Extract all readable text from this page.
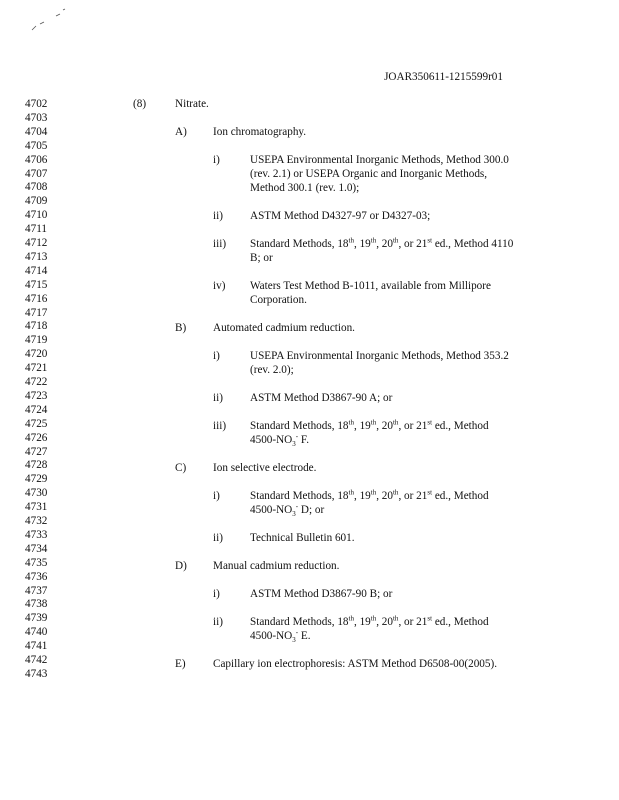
JOAR350611-1215599r01
4702
4703
4704
4705
4706
4707
4708
4709
4710
4711
4712
4713
4714
4715
4716
4717
4718
4719
4720
4721
4722
4723
4724
4725
4726
4727
4728
4729
4730
4731
4732
4733
4734
4735
4736
4737
4738
4739
4740
4741
4742
4743
(8)	Nitrate.
A) Ion chromatography.
i)	USEPA Environmental Inorganic Methods, Method 300.0
(rev. 2.1) or USEPA Organic and Inorganic Methods,
Method 300.1 (rev. 1.0);
ii) ASTM Method D4327-97 or D4327-03;
iii) Standard Methods, 18th, 19th, 20th, or 21st ed., Method 4110
B; or
iv) Waters Test Method B-1011, available from Millipore
Corporation.
B) Automated cadmium reduction.
i)	USEPA Environmental Inorganic Methods, Method 353.2
(rev. 2.0);
ii) ASTM Method D3867-90 A; or
iii) Standard Methods, 18th, 19th, 20th, or 21st ed., Method
$4500-NO_3^-$ F.
C) Ion selective electrode.
i)	Standard Methods, 18th, 19th, 20th, or 21st ed., Method
$4500-NO_3^-$ D; or
ii) Technical Bulletin 601.
D) Manual cadmium reduction.
i)	ASTM Method D3867-90 B; or
ii) Standard Methods, 18th, 19th, 20th, or 21st ed., Method
$4500-NO_3^-$ E.
E) Capillary ion electrophoresis: ASTM Method D6508-00(2005).
